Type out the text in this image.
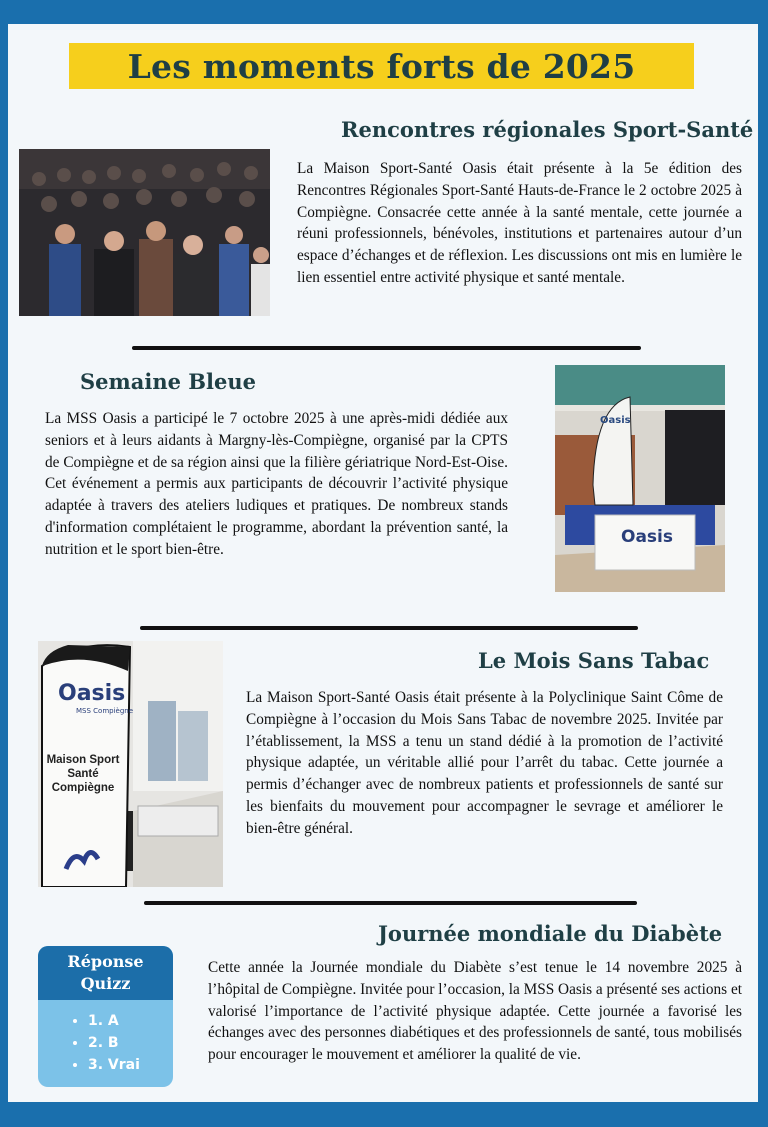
Les moments forts de 2025
Rencontres régionales Sport-Santé

La Maison Sport-Santé Oasis était présente à la 5e édition des Rencontres Régionales Sport-Santé Hauts-de-France le 2 octobre 2025 à Compiègne. Consacrée cette année à la santé mentale, cette journée a réuni professionnels, bénévoles, institutions et partenaires autour d’un espace d’échanges et de réflexion. Les discussions ont mis en lumière le lien essentiel entre activité physique et santé mentale.

Semaine Bleue

La MSS Oasis a participé le 7 octobre 2025 à une après-midi dédiée aux seniors et à leurs aidants à Margny-lès-Compiègne, organisé par la CPTS de Compiègne et de sa région ainsi que la filière gériatrique Nord-Est-Oise. Cet événement a permis aux participants de découvrir l’activité physique adaptée à travers des ateliers ludiques et pratiques. De nombreux stands d'information complétaient le programme, abordant la prévention santé, la nutrition et le sport bien-être.

Oasis
Oasis
Oasis
MSS Compiègne
Maison Sport
Santé
Compiègne
Le Mois Sans Tabac

La Maison Sport-Santé Oasis était présente à la Polyclinique Saint Côme de Compiègne à l’occasion du Mois Sans Tabac de novembre 2025. Invitée par l’établissement, la MSS a tenu un stand dédié à la promotion de l’activité physique adaptée, un véritable allié pour l’arrêt du tabac. Cette journée a permis d’échanger avec de nombreux patients et professionnels de santé sur les bienfaits du mouvement pour accompagner le sevrage et améliorer le bien-être général.

Journée mondiale du Diabète

Cette année la Journée mondiale du Diabète s’est tenue le 14 novembre 2025 à l’hôpital de Compiègne. Invitée pour l’occasion, la MSS Oasis a présenté ses actions et valorisé l’importance de l’activité physique adaptée. Cette journée a favorisé les échanges avec des personnes diabétiques et des professionnels de santé, tous mobilisés pour encourager le mouvement et améliorer la qualité de vie.

Réponse
Quizz
• 1. A
• 2. B
• 3. Vrai
